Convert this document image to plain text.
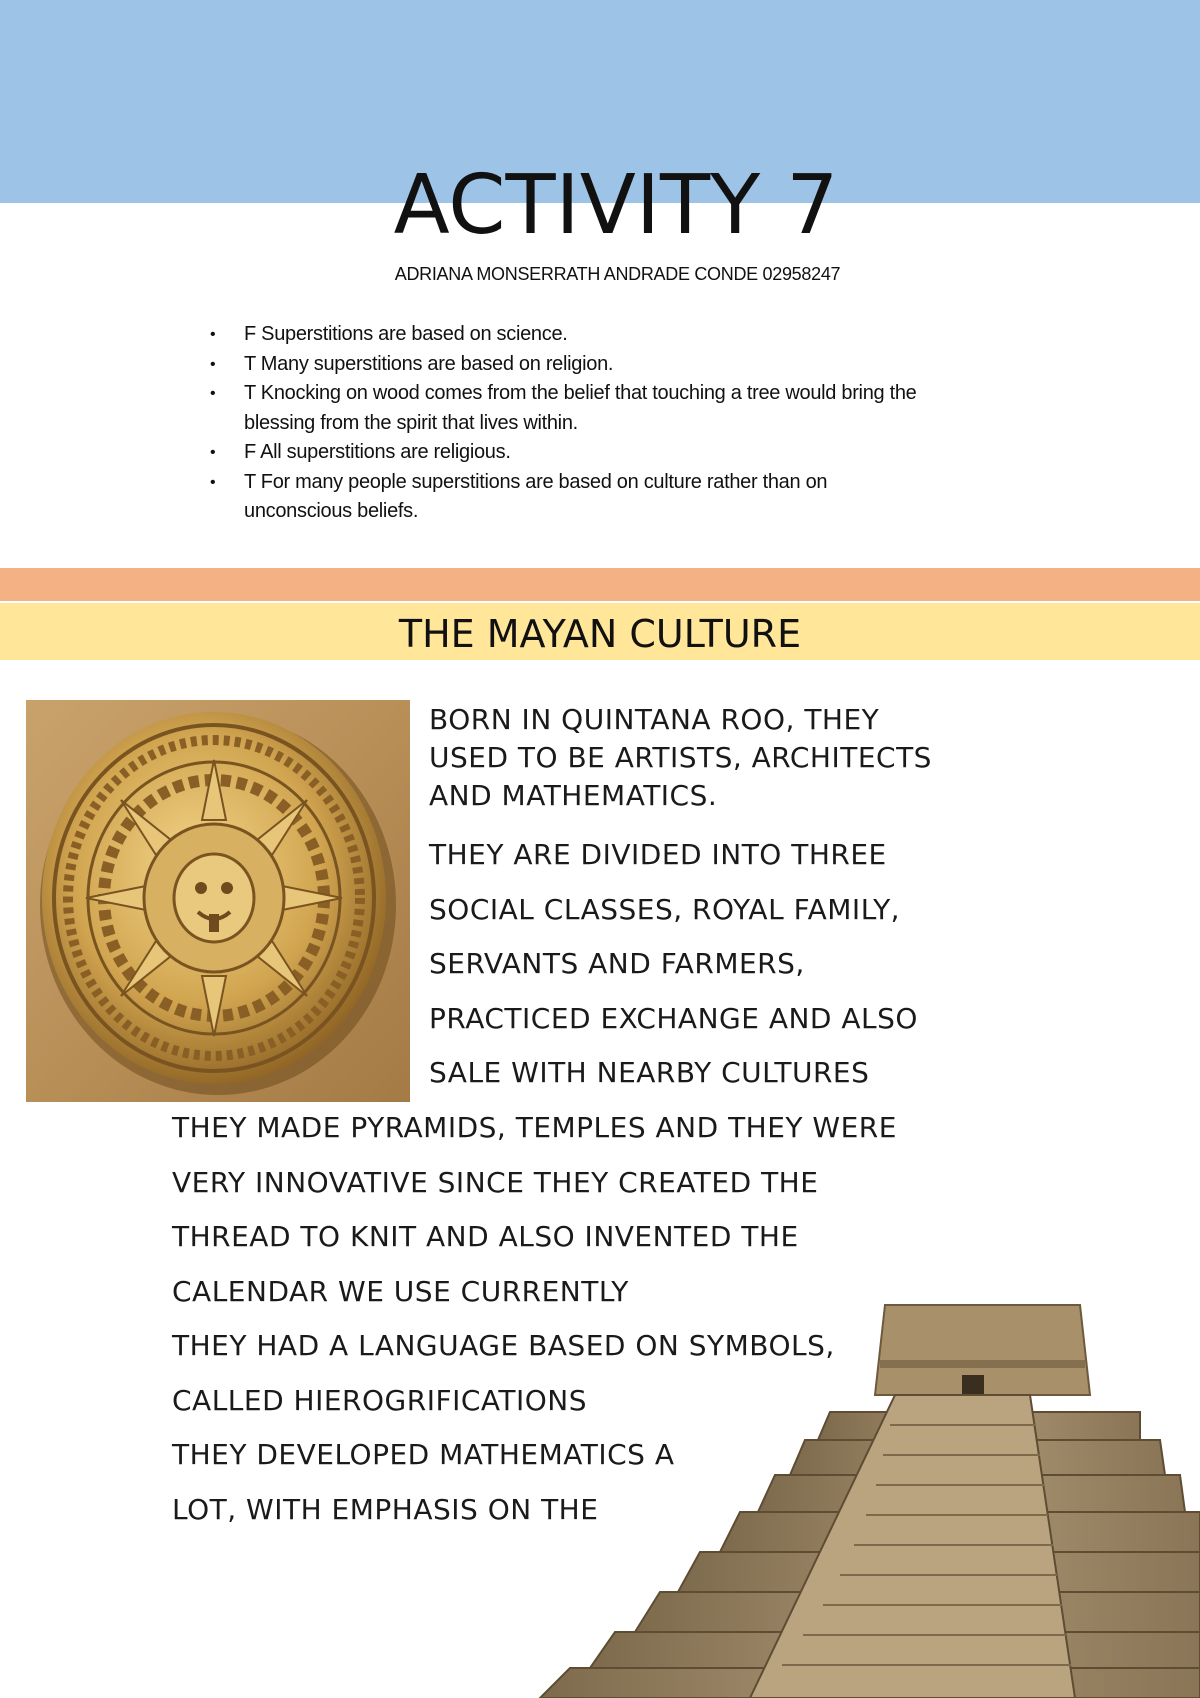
ACTIVITY 7
ADRIANA MONSERRATH ANDRADE CONDE 02958247
• F Superstitions are based on science.
• T Many superstitions are based on religion.
• T Knocking on wood comes from the belief that touching a tree would bring the
blessing from the spirit that lives within.
• F All superstitions are religious.
• T For many people superstitions are based on culture rather than on
unconscious beliefs.
THE MAYAN CULTURE
BORN IN QUINTANA ROO, THEY
USED TO BE ARTISTS, ARCHITECTS
AND MATHEMATICS.
THEY ARE DIVIDED INTO THREE
SOCIAL CLASSES, ROYAL FAMILY,
SERVANTS AND FARMERS,
PRACTICED EXCHANGE AND ALSO
SALE WITH NEARBY CULTURES
THEY MADE PYRAMIDS, TEMPLES AND THEY WERE
VERY INNOVATIVE SINCE THEY CREATED THE
THREAD TO KNIT AND ALSO INVENTED THE
CALENDAR WE USE CURRENTLY
THEY HAD A LANGUAGE BASED ON SYMBOLS,
CALLED HIEROGRIFICATIONS
THEY DEVELOPED MATHEMATICS A
LOT, WITH EMPHASIS ON THE
